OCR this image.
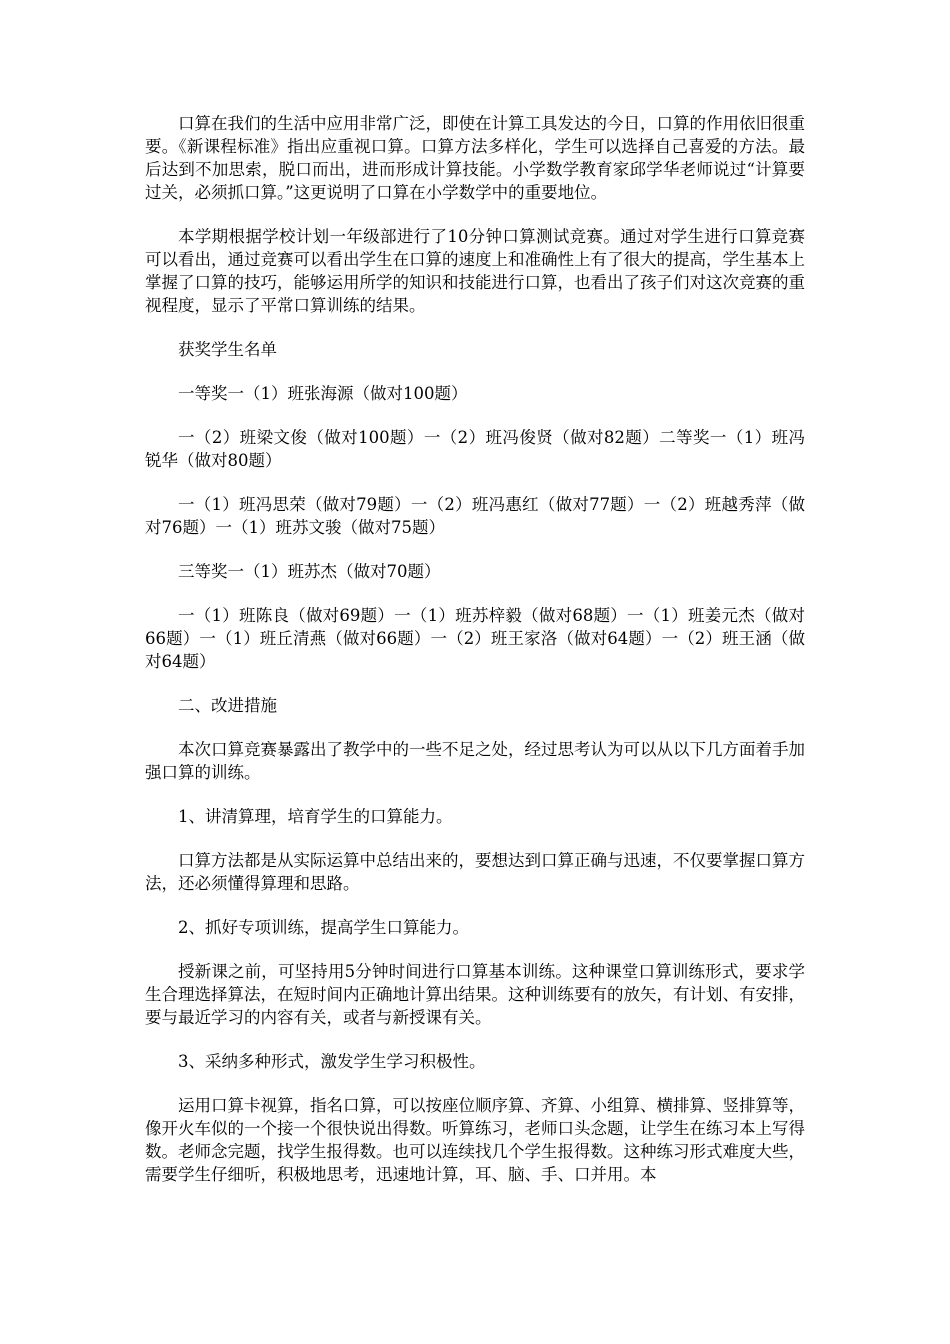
口算在我们的生活中应用非常广泛，即使在计算工具发达的今日，口算的作用依旧很重要。《新课程标准》指出应重视口算。口算方法多样化，学生可以选择自己喜爱的方法。最后达到不加思索，脱口而出，进而形成计算技能。小学数学教育家邱学华老师说过“计算要过关，必须抓口算。”这更说明了口算在小学数学中的重要地位。

本学期根据学校计划一年级部进行了10分钟口算测试竞赛。通过对学生进行口算竞赛可以看出，通过竞赛可以看出学生在口算的速度上和准确性上有了很大的提高，学生基本上掌握了口算的技巧，能够运用所学的知识和技能进行口算，也看出了孩子们对这次竞赛的重视程度，显示了平常口算训练的结果。

获奖学生名单

一等奖一（1）班张海源（做对100题）

一（2）班梁文俊（做对100题）一（2）班冯俊贤（做对82题）二等奖一（1）班冯锐华（做对80题）

一（1）班冯思荣（做对79题）一（2）班冯惠红（做对77题）一（2）班越秀萍（做对76题）一（1）班苏文骏（做对75题）

三等奖一（1）班苏杰（做对70题）

一（1）班陈良（做对69题）一（1）班苏梓毅（做对68题）一（1）班姜元杰（做对66题）一（1）班丘清燕（做对66题）一（2）班王家洛（做对64题）一（2）班王涵（做对64题）

二、改进措施

本次口算竞赛暴露出了教学中的一些不足之处，经过思考认为可以从以下几方面着手加强口算的训练。

1、讲清算理，培育学生的口算能力。

口算方法都是从实际运算中总结出来的，要想达到口算正确与迅速，不仅要掌握口算方法，还必须懂得算理和思路。

2、抓好专项训练，提高学生口算能力。

授新课之前，可坚持用5分钟时间进行口算基本训练。这种课堂口算训练形式，要求学生合理选择算法，在短时间内正确地计算出结果。这种训练要有的放矢，有计划、有安排，要与最近学习的内容有关，或者与新授课有关。

3、采纳多种形式，激发学生学习积极性。

运用口算卡视算，指名口算，可以按座位顺序算、齐算、小组算、横排算、竖排算等，像开火车似的一个接一个很快说出得数。听算练习，老师口头念题，让学生在练习本上写得数。老师念完题，找学生报得数。也可以连续找几个学生报得数。这种练习形式难度大些，需要学生仔细听，积极地思考，迅速地计算，耳、脑、手、口并用。本
